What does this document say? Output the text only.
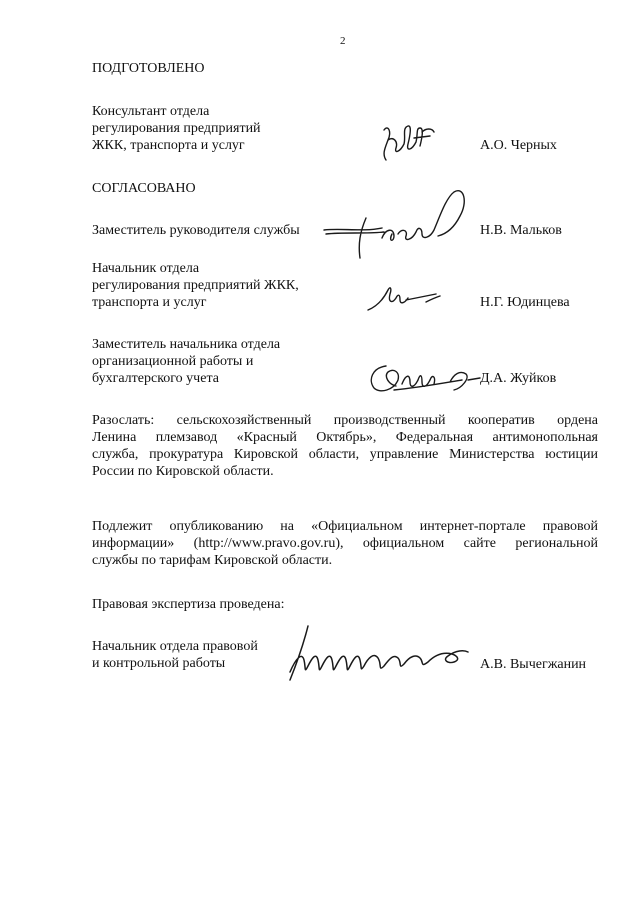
2
ПОДГОТОВЛЕНО
Консультант отдела
регулирования предприятий
ЖКК, транспорта и услуг	А.О. Черных
СОГЛАСОВАНО
Заместитель руководителя службы	Н.В. Мальков
Начальник отдела
регулирования предприятий ЖКК,
транспорта и услуг	Н.Г. Юдинцева
Заместитель начальника отдела
организационной работы и
бухгалтерского учета	Д.А. Жуйков
Разослать: сельскохозяйственный производственный кооператив ордена
Ленина племзавод «Красный Октябрь», Федеральная антимонопольная
служба, прокуратура Кировской области, управление Министерства юстиции
России по Кировской области.
Подлежит опубликованию на «Официальном интернет-портале правовой
информации» (http://www.pravo.gov.ru), официальном сайте региональной
службы по тарифам Кировской области.
Правовая экспертиза проведена:
Начальник отдела правовой
и контрольной работы	А.В. Вычегжанин
